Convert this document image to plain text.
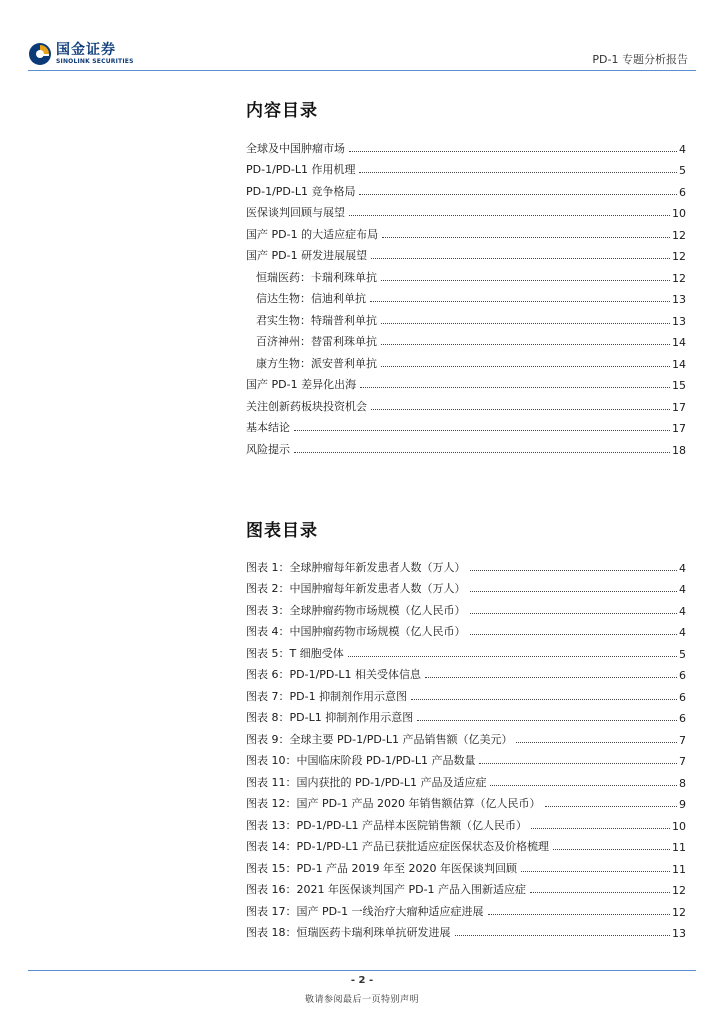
国金证券
SINOLINK SECURITIES	PD-1 专题分析报告
内容目录
全球及中国肿瘤市场	4
PD-1/PD-L1 作用机理	5
PD-1/PD-L1 竞争格局	6
医保谈判回顾与展望	10
国产 PD-1 的大适应症布局	12
国产 PD-1 研发进展展望	12
恒瑞医药：卡瑞利珠单抗	12
信达生物：信迪利单抗	13
君实生物：特瑞普利单抗	13
百济神州：替雷利珠单抗	14
康方生物：派安普利单抗	14
国产 PD-1 差异化出海	15
关注创新药板块投资机会	17
基本结论	17
风险提示	18
图表目录
图表 1：全球肿瘤每年新发患者人数（万人）	4
图表 2：中国肿瘤每年新发患者人数（万人）	4
图表 3：全球肿瘤药物市场规模（亿人民币）	4
图表 4：中国肿瘤药物市场规模（亿人民币）	4
图表 5：T 细胞受体	5
图表 6：PD-1/PD-L1 相关受体信息	6
图表 7：PD-1 抑制剂作用示意图	6
图表 8：PD-L1 抑制剂作用示意图	6
图表 9：全球主要 PD-1/PD-L1 产品销售额（亿美元）	7
图表 10：中国临床阶段 PD-1/PD-L1 产品数量	7
图表 11：国内获批的 PD-1/PD-L1 产品及适应症	8
图表 12：国产 PD-1 产品 2020 年销售额估算（亿人民币）	9
图表 13：PD-1/PD-L1 产品样本医院销售额（亿人民币）	10
图表 14：PD-1/PD-L1 产品已获批适应症医保状态及价格梳理	11
图表 15：PD-1 产品 2019 年至 2020 年医保谈判回顾	11
图表 16：2021 年医保谈判国产 PD-1 产品入围新适应症	12
图表 17：国产 PD-1 一线治疗大瘤种适应症进展	12
图表 18：恒瑞医药卡瑞利珠单抗研发进展	13
- 2 -
敬请参阅最后一页特别声明
